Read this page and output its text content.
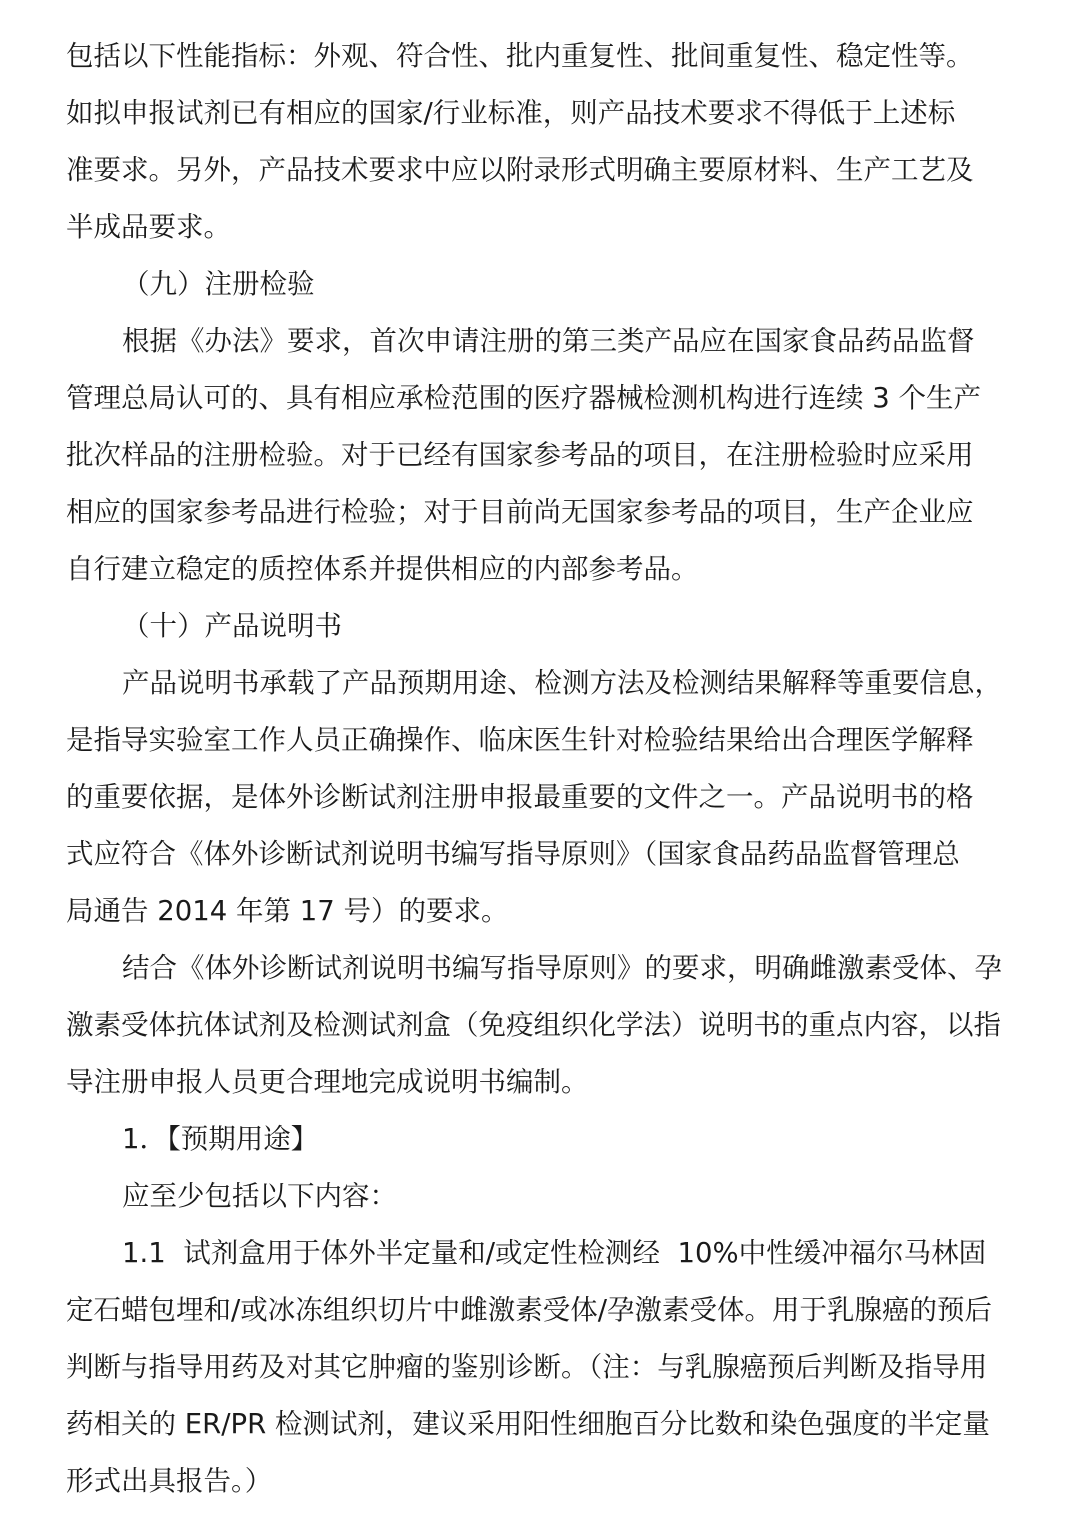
包括以下性能指标：外观、符合性、批内重复性、批间重复性、稳定性等。
如拟申报试剂已有相应的国家/行业标准，则产品技术要求不得低于上述标
准要求。另外，产品技术要求中应以附录形式明确主要原材料、生产工艺及
半成品要求。
（九）注册检验
根据《办法》要求，首次申请注册的第三类产品应在国家食品药品监督
管理总局认可的、具有相应承检范围的医疗器械检测机构进行连续 3 个生产
批次样品的注册检验。对于已经有国家参考品的项目，在注册检验时应采用
相应的国家参考品进行检验；对于目前尚无国家参考品的项目，生产企业应
自行建立稳定的质控体系并提供相应的内部参考品。
（十）产品说明书
产品说明书承载了产品预期用途、检测方法及检测结果解释等重要信息，
是指导实验室工作人员正确操作、临床医生针对检验结果给出合理医学解释
的重要依据，是体外诊断试剂注册申报最重要的文件之一。产品说明书的格
式应符合《体外诊断试剂说明书编写指导原则》（国家食品药品监督管理总
局通告 2014 年第 17 号）的要求。
结合《体外诊断试剂说明书编写指导原则》的要求，明确雌激素受体、孕
激素受体抗体试剂及检测试剂盒（免疫组织化学法）说明书的重点内容，以指
导注册申报人员更合理地完成说明书编制。
1．【预期用途】
应至少包括以下内容：
1.1  试剂盒用于体外半定量和/或定性检测经  10%中性缓冲福尔马林固
定石蜡包埋和/或冰冻组织切片中雌激素受体/孕激素受体。用于乳腺癌的预后
判断与指导用药及对其它肿瘤的鉴别诊断。（注：与乳腺癌预后判断及指导用
药相关的 ER/PR 检测试剂，建议采用阳性细胞百分比数和染色强度的半定量
形式出具报告。）
